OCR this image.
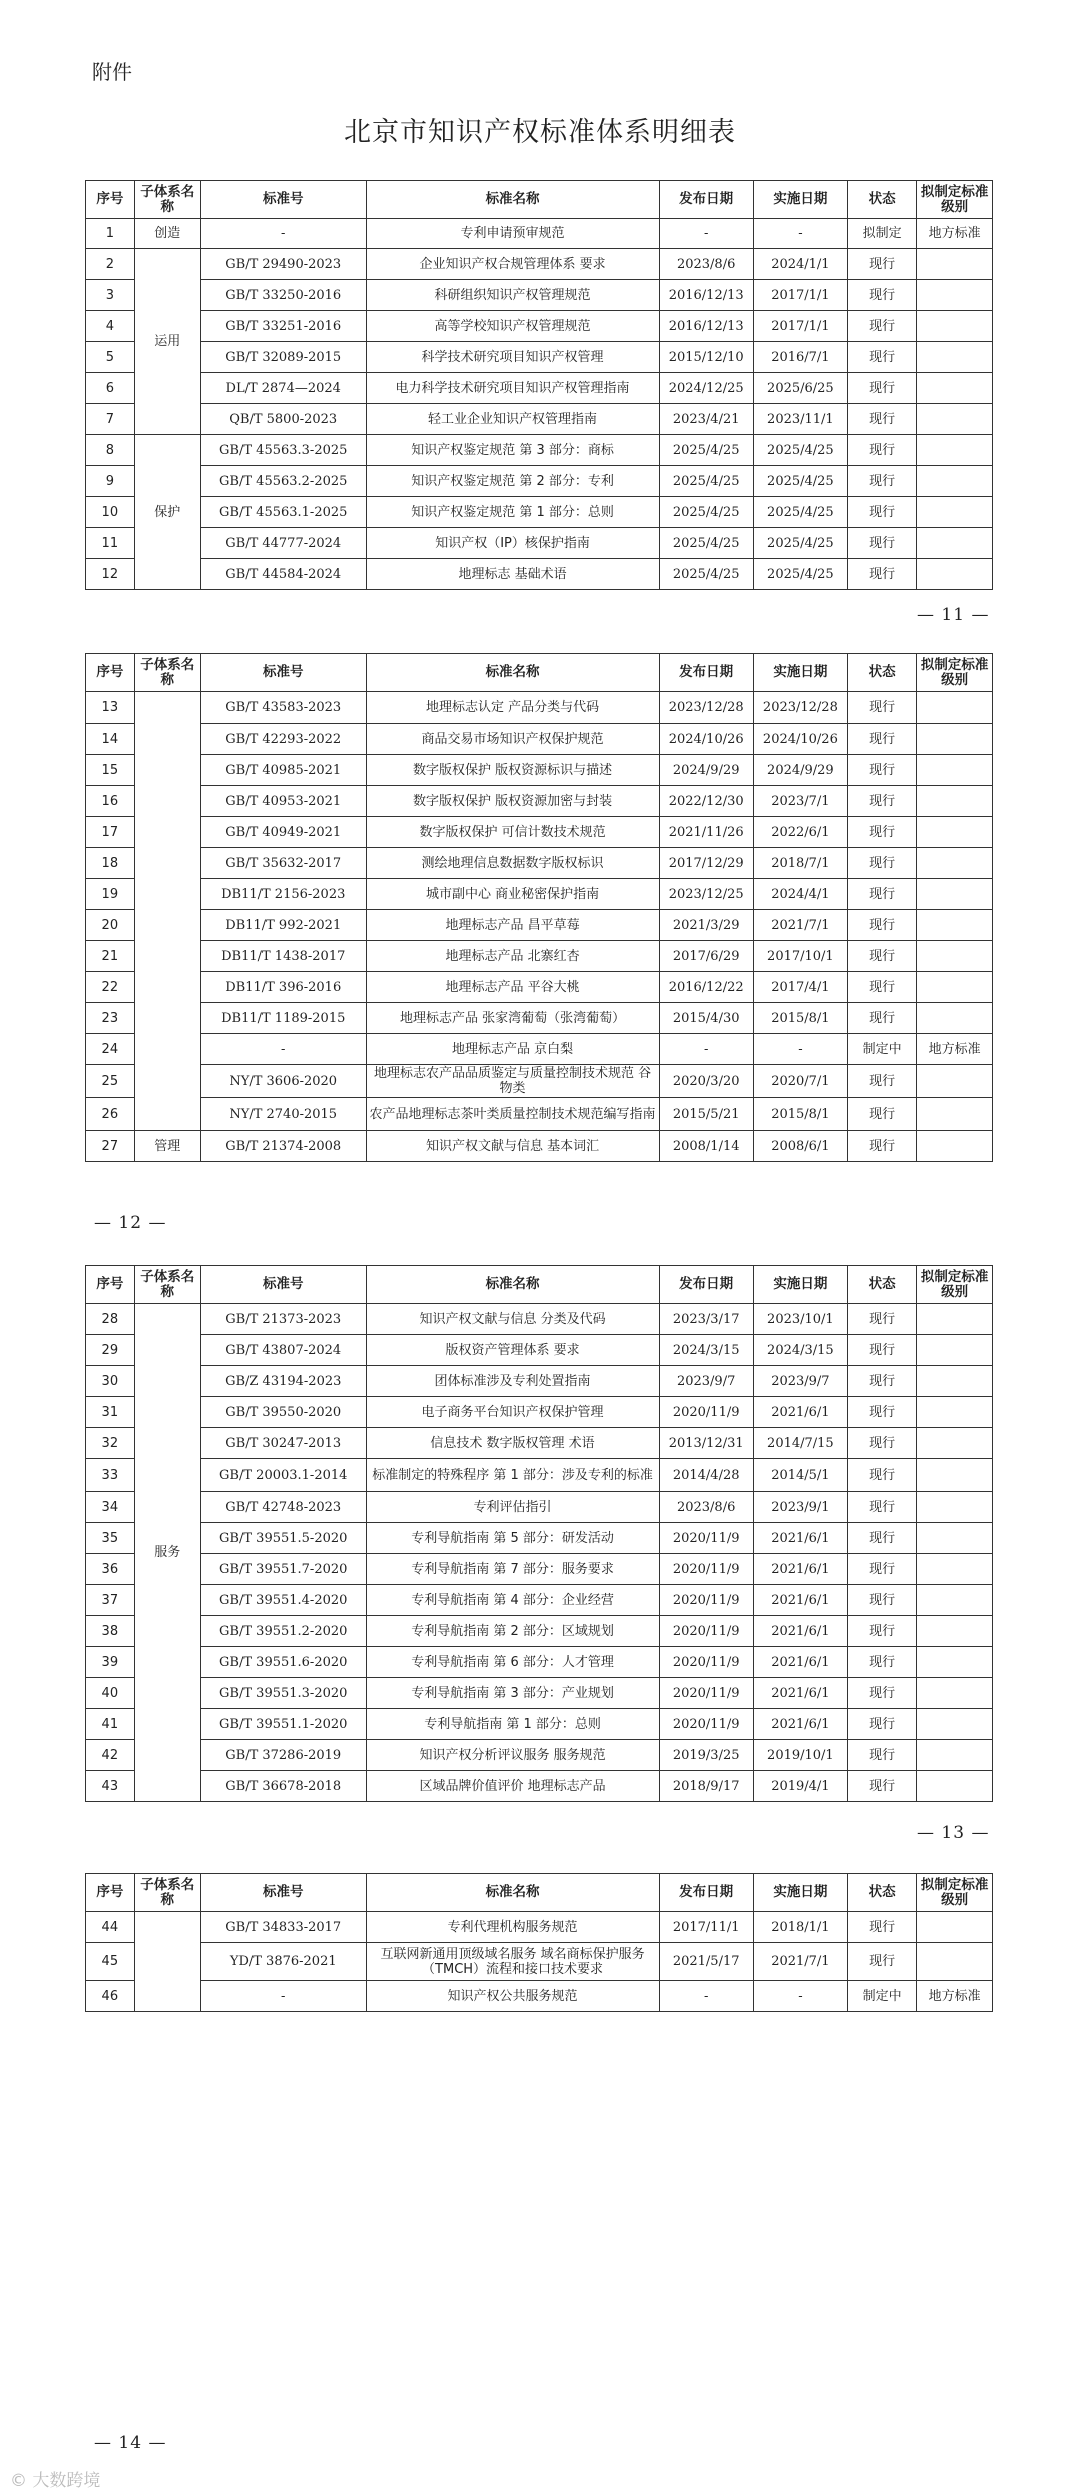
附件
北京市知识产权标准体系明细表
序号	子体系名称	标准号	标准名称	发布日期	实施日期	状态	拟制定标准级别
1	创造	-	专利申请预审规范	-	-	拟制定	地方标准
2	运用	GB/T 29490-2023	企业知识产权合规管理体系 要求	2023/8/6	2024/1/1	现行	
3		GB/T 33250-2016	科研组织知识产权管理规范	2016/12/13	2017/1/1	现行	
4		GB/T 33251-2016	高等学校知识产权管理规范	2016/12/13	2017/1/1	现行	
5		GB/T 32089-2015	科学技术研究项目知识产权管理	2015/12/10	2016/7/1	现行	
6		DL/T 2874—2024	电力科学技术研究项目知识产权管理指南	2024/12/25	2025/6/25	现行	
7		QB/T 5800-2023	轻工业企业知识产权管理指南	2023/4/21	2023/11/1	现行	
8	保护	GB/T 45563.3-2025	知识产权鉴定规范 第 3 部分：商标	2025/4/25	2025/4/25	现行	
9		GB/T 45563.2-2025	知识产权鉴定规范 第 2 部分：专利	2025/4/25	2025/4/25	现行	
10		GB/T 45563.1-2025	知识产权鉴定规范 第 1 部分：总则	2025/4/25	2025/4/25	现行	
11		GB/T 44777-2024	知识产权（IP）核保护指南	2025/4/25	2025/4/25	现行	
12		GB/T 44584-2024	地理标志 基础术语	2025/4/25	2025/4/25	现行	
序号	子体系名称	标准号	标准名称	发布日期	实施日期	状态	拟制定标准级别
13		GB/T 43583-2023	地理标志认定 产品分类与代码	2023/12/28	2023/12/28	现行	
14		GB/T 42293-2022	商品交易市场知识产权保护规范	2024/10/26	2024/10/26	现行	
15		GB/T 40985-2021	数字版权保护 版权资源标识与描述	2024/9/29	2024/9/29	现行	
16		GB/T 40953-2021	数字版权保护 版权资源加密与封装	2022/12/30	2023/7/1	现行	
17		GB/T 40949-2021	数字版权保护 可信计数技术规范	2021/11/26	2022/6/1	现行	
18		GB/T 35632-2017	测绘地理信息数据数字版权标识	2017/12/29	2018/7/1	现行	
19		DB11/T 2156-2023	城市副中心 商业秘密保护指南	2023/12/25	2024/4/1	现行	
20		DB11/T 992-2021	地理标志产品 昌平草莓	2021/3/29	2021/7/1	现行	
21		DB11/T 1438-2017	地理标志产品 北寨红杏	2017/6/29	2017/10/1	现行	
22		DB11/T 396-2016	地理标志产品 平谷大桃	2016/12/22	2017/4/1	现行	
23		DB11/T 1189-2015	地理标志产品 张家湾葡萄（张湾葡萄）	2015/4/30	2015/8/1	现行	
24		-	地理标志产品 京白梨	-	-	制定中	地方标准
25		NY/T 3606-2020	地理标志农产品品质鉴定与质量控制技术规范 谷物类	2020/3/20	2020/7/1	现行	
26		NY/T 2740-2015	农产品地理标志茶叶类质量控制技术规范编写指南	2015/5/21	2015/8/1	现行	
27	管理	GB/T 21374-2008	知识产权文献与信息 基本词汇	2008/1/14	2008/6/1	现行	
序号	子体系名称	标准号	标准名称	发布日期	实施日期	状态	拟制定标准级别
28	服务	GB/T 21373-2023	知识产权文献与信息 分类及代码	2023/3/17	2023/10/1	现行	
29		GB/T 43807-2024	版权资产管理体系 要求	2024/3/15	2024/3/15	现行	
30		GB/Z 43194-2023	团体标准涉及专利处置指南	2023/9/7	2023/9/7	现行	
31		GB/T 39550-2020	电子商务平台知识产权保护管理	2020/11/9	2021/6/1	现行	
32		GB/T 30247-2013	信息技术 数字版权管理 术语	2013/12/31	2014/7/15	现行	
33		GB/T 20003.1-2014	标准制定的特殊程序 第 1 部分：涉及专利的标准	2014/4/28	2014/5/1	现行	
34		GB/T 42748-2023	专利评估指引	2023/8/6	2023/9/1	现行	
35		GB/T 39551.5-2020	专利导航指南 第 5 部分：研发活动	2020/11/9	2021/6/1	现行	
36		GB/T 39551.7-2020	专利导航指南 第 7 部分：服务要求	2020/11/9	2021/6/1	现行	
37		GB/T 39551.4-2020	专利导航指南 第 4 部分：企业经营	2020/11/9	2021/6/1	现行	
38		GB/T 39551.2-2020	专利导航指南 第 2 部分：区域规划	2020/11/9	2021/6/1	现行	
39		GB/T 39551.6-2020	专利导航指南 第 6 部分：人才管理	2020/11/9	2021/6/1	现行	
40		GB/T 39551.3-2020	专利导航指南 第 3 部分：产业规划	2020/11/9	2021/6/1	现行	
41		GB/T 39551.1-2020	专利导航指南 第 1 部分：总则	2020/11/9	2021/6/1	现行	
42		GB/T 37286-2019	知识产权分析评议服务 服务规范	2019/3/25	2019/10/1	现行	
43		GB/T 36678-2018	区域品牌价值评价 地理标志产品	2018/9/17	2019/4/1	现行	
序号	子体系名称	标准号	标准名称	发布日期	实施日期	状态	拟制定标准级别
44		GB/T 34833-2017	专利代理机构服务规范	2017/11/1	2018/1/1	现行	
45		YD/T 3876-2021	互联网新通用顶级域名服务 域名商标保护服务（TMCH）流程和接口技术要求	2021/5/17	2021/7/1	现行	
46		-	知识产权公共服务规范	-	-	制定中	地方标准
— 11 —
— 12 —
— 13 —
— 14 —
© 大数跨境
